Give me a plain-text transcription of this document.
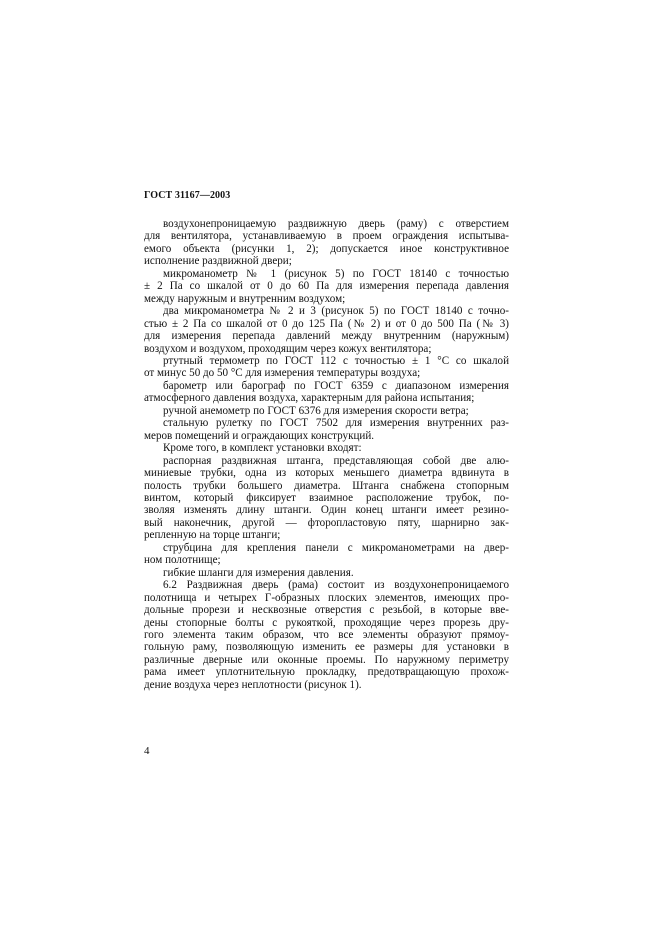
ГОСТ 31167—2003
воздухонепроницаемую раздвижную дверь (раму) с отверстием
для вентилятора, устанавливаемую в проем ограждения испытыва-
емого объекта (рисунки 1, 2); допускается иное конструктивное
исполнение раздвижной двери;
микроманометр № 1 (рисунок 5) по ГОСТ 18140 с точностью
± 2 Па со шкалой от 0 до 60 Па для измерения перепада давления
между наружным и внутренним воздухом;
два микроманометра № 2 и 3 (рисунок 5) по ГОСТ 18140 с точно-
стью ± 2 Па со шкалой от 0 до 125 Па (№ 2) и от 0 до 500 Па (№ 3)
для измерения перепада давлений между внутренним (наружным)
воздухом и воздухом, проходящим через кожух вентилятора;
ртутный термометр по ГОСТ 112 с точностью ± 1 °С со шкалой
от минус 50 до 50 °С для измерения температуры воздуха;
барометр или барограф по ГОСТ 6359 с диапазоном измерения
атмосферного давления воздуха, характерным для района испытания;
ручной анемометр по ГОСТ 6376 для измерения скорости ветра;
стальную рулетку по ГОСТ 7502 для измерения внутренних раз-
меров помещений и ограждающих конструкций.
Кроме того, в комплект установки входят:
распорная раздвижная штанга, представляющая собой две алю-
миниевые трубки, одна из которых меньшего диаметра вдвинута в
полость трубки большего диаметра. Штанга снабжена стопорным
винтом, который фиксирует взаимное расположение трубок, по-
зволяя изменять длину штанги. Один конец штанги имеет резино-
вый наконечник, другой — фторопластовую пяту, шарнирно зак-
репленную на торце штанги;
струбцина для крепления панели с микроманометрами на двер-
ном полотнище;
гибкие шланги для измерения давления.
6.2 Раздвижная дверь (рама) состоит из воздухонепроницаемого
полотнища и четырех Г-образных плоских элементов, имеющих про-
дольные прорези и несквозные отверстия с резьбой, в которые вве-
дены стопорные болты с рукояткой, проходящие через прорезь дру-
гого элемента таким образом, что все элементы образуют прямоу-
гольную раму, позволяющую изменить ее размеры для установки в
различные дверные или оконные проемы. По наружному периметру
рама имеет уплотнительную прокладку, предотвращающую прохож-
дение воздуха через неплотности (рисунок 1).
4
